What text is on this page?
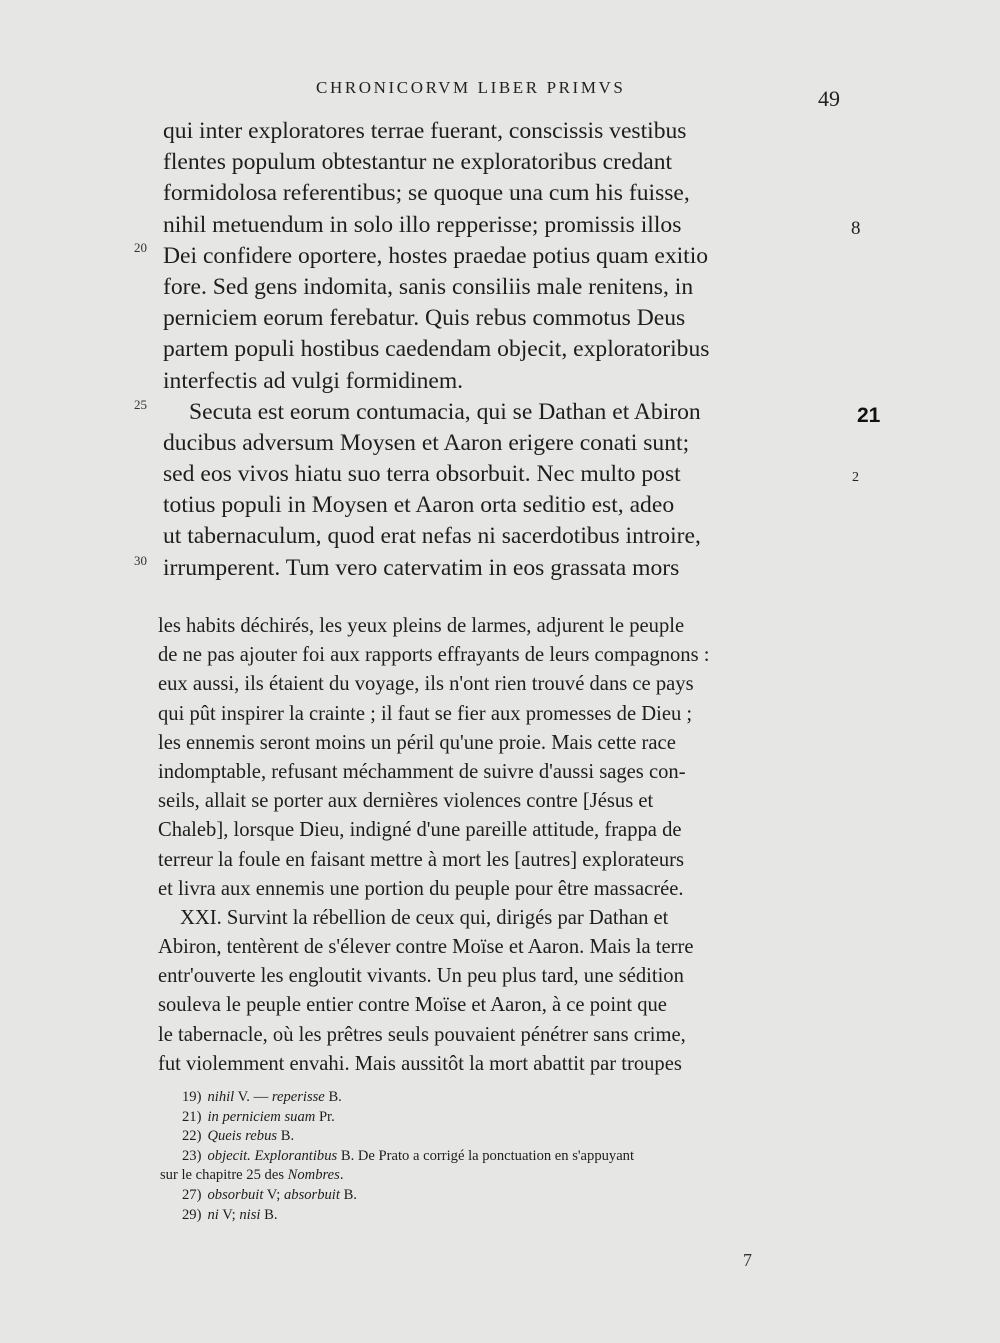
CHRONICORVM LIBER PRIMVS	49
qui inter exploratores terrae fuerant, conscissis vestibus
flentes populum obtestantur ne exploratoribus credant
formidolosa referentibus; se quoque una cum his fuisse,
nihil metuendum in solo illo repperisse; promissis illos
Dei confidere oportere, hostes praedae potius quam exitio
fore. Sed gens indomita, sanis consiliis male renitens, in
perniciem eorum ferebatur. Quis rebus commotus Deus
partem populi hostibus caedendam objecit, exploratoribus
interfectis ad vulgi formidinem.
Secuta est eorum contumacia, qui se Dathan et Abiron
ducibus adversum Moysen et Aaron erigere conati sunt;
sed eos vivos hiatu suo terra obsorbuit. Nec multo post
totius populi in Moysen et Aaron orta seditio est, adeo
ut tabernaculum, quod erat nefas ni sacerdotibus introire,
irrumperent. Tum vero catervatim in eos grassata mors
20
25
30
8
21
2
les habits déchirés, les yeux pleins de larmes, adjurent le peuple
de ne pas ajouter foi aux rapports effrayants de leurs compagnons :
eux aussi, ils étaient du voyage, ils n'ont rien trouvé dans ce pays
qui pût inspirer la crainte ; il faut se fier aux promesses de Dieu ;
les ennemis seront moins un péril qu'une proie. Mais cette race
indomptable, refusant méchamment de suivre d'aussi sages con-
seils, allait se porter aux dernières violences contre [Jésus et
Chaleb], lorsque Dieu, indigné d'une pareille attitude, frappa de
terreur la foule en faisant mettre à mort les [autres] explorateurs
et livra aux ennemis une portion du peuple pour être massacrée.
XXI. Survint la rébellion de ceux qui, dirigés par Dathan et
Abiron, tentèrent de s'élever contre Moïse et Aaron. Mais la terre
entr'ouverte les engloutit vivants. Un peu plus tard, une sédition
souleva le peuple entier contre Moïse et Aaron, à ce point que
le tabernacle, où les prêtres seuls pouvaient pénétrer sans crime,
fut violemment envahi. Mais aussitôt la mort abattit par troupes
19) nihil V. — reperisse B.
21) in perniciem suam Pr.
22) Queis rebus B.
23) objecit. Explorantibus B. De Prato a corrigé la ponctuation en s'appuyant
sur le chapitre 25 des Nombres.
27) obsorbuit V; absorbuit B.
29) ni V; nisi B.
7
